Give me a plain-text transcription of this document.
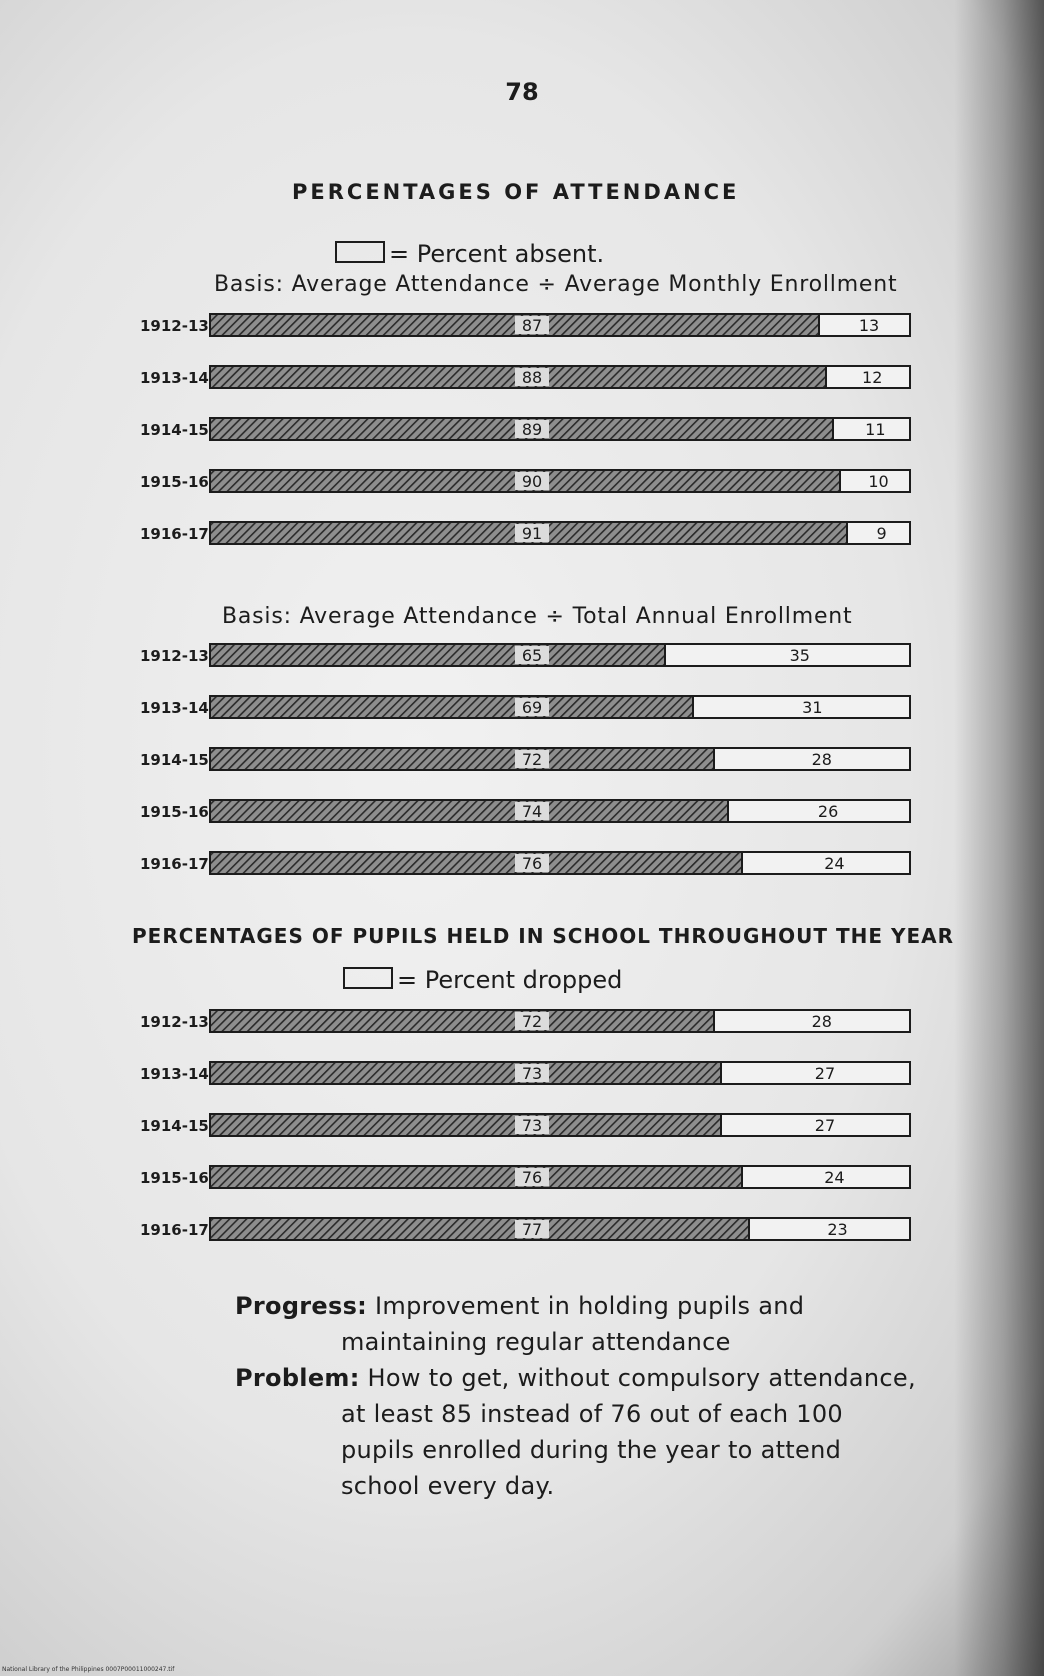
78
PERCENTAGES OF ATTENDANCE
= Percent absent.
Basis: Average Attendance ÷ Average Monthly Enrollment
1912-13	87	13
1913-14	88	12
1914-15	89	11
1915-16	90	10
1916-17	91	9
Basis: Average Attendance ÷ Total Annual Enrollment
1912-13	65	35
1913-14	69	31
1914-15	72	28
1915-16	74	26
1916-17	76	24
PERCENTAGES OF PUPILS HELD IN SCHOOL THROUGHOUT THE YEAR
= Percent dropped
1912-13	72	28
1913-14	73	27
1914-15	73	27
1915-16	76	24
1916-17	77	23
Progress: Improvement in holding pupils and
maintaining regular attendance
Problem: How to get, without compulsory attendance,
at least 85 instead of 76 out of each 100
pupils enrolled during the year to attend
school every day.
National Library of the Philippines 0007P00011000247.tif
